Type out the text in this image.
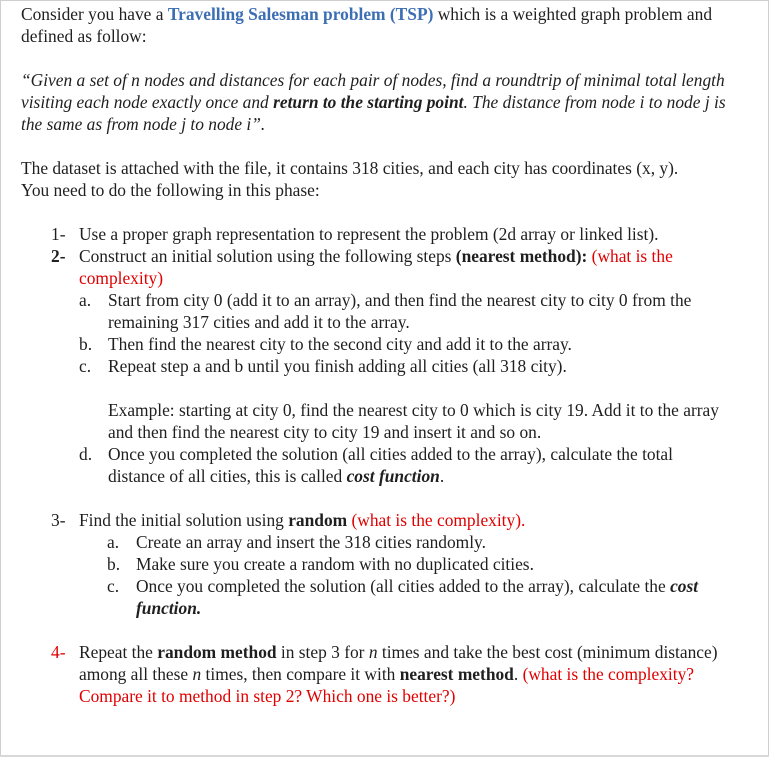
Consider you have a Travelling Salesman problem (TSP) which is a weighted graph problem and defined as follow:

“Given a set of n nodes and distances for each pair of nodes, find a roundtrip of minimal total length visiting each node exactly once and return to the starting point. The distance from node i to node j is the same as from node j to node i”.

The dataset is attached with the file, it contains 318 cities, and each city has coordinates (x, y).

You need to do the following in this phase:

1- Use a proper graph representation to represent the problem (2d array or linked list).
2- Construct an initial solution using the following steps (nearest method): (what is the complexity)
a. Start from city 0 (add it to an array), and then find the nearest city to city 0 from the remaining 317 cities and add it to the array.
b. Then find the nearest city to the second city and add it to the array.
c. Repeat step a and b until you finish adding all cities (all 318 city).
Example: starting at city 0, find the nearest city to 0 which is city 19. Add it to the array and then find the nearest city to city 19 and insert it and so on.
d. Once you completed the solution (all cities added to the array), calculate the total distance of all cities, this is called cost function.
3- Find the initial solution using random (what is the complexity).
a. Create an array and insert the 318 cities randomly.
b. Make sure you create a random with no duplicated cities.
c. Once you completed the solution (all cities added to the array), calculate the cost function.
4- Repeat the random method in step 3 for n times and take the best cost (minimum distance) among all these n times, then compare it with nearest method. (what is the complexity? Compare it to method in step 2? Which one is better?)
